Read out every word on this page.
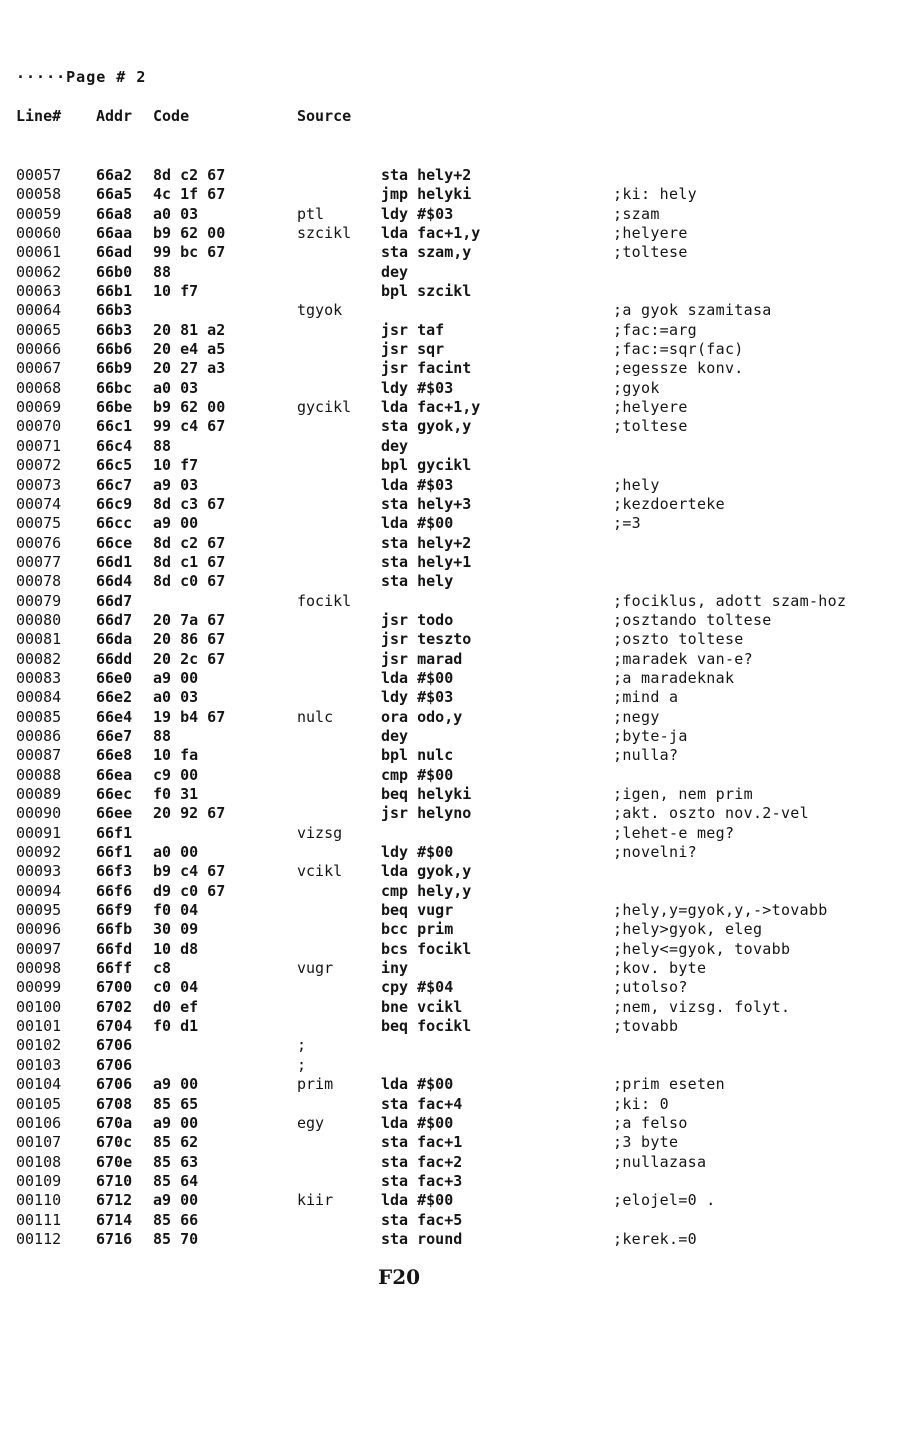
·····Page # 2
Line# Addr Code	Source
00057 66a2 8d c2 67	sta hely+2
00058 66a5 4c 1f 67	jmp helyki	;ki: hely
00059 66a8 a0 03	ptl	ldy #$03	;szam
00060 66aa b9 62 00	szcikl lda fac+1,y	;helyere
00061 66ad 99 bc 67	sta szam,y	;toltese
00062 66b0 88	dey
00063 66b1 10 f7	bpl szcikl
00064 66b3	tgyok	;a gyok szamitasa
00065 66b3 20 81 a2	jsr taf	;fac:=arg
00066 66b6 20 e4 a5	jsr sqr	;fac:=sqr(fac)
00067 66b9 20 27 a3	jsr facint	;egessze konv.
00068 66bc a0 03	ldy #$03	;gyok
00069 66be b9 62 00	gycikl lda fac+1,y	;helyere
00070 66c1 99 c4 67	sta gyok,y	;toltese
00071 66c4 88	dey
00072 66c5 10 f7	bpl gycikl
00073 66c7 a9 03	lda #$03	;hely
00074 66c9 8d c3 67	sta hely+3	;kezdoerteke
00075 66cc a9 00	lda #$00	;=3
00076 66ce 8d c2 67	sta hely+2
00077 66d1 8d c1 67	sta hely+1
00078 66d4 8d c0 67	sta hely
00079 66d7	focikl	;fociklus, adott szam-hoz
00080 66d7 20 7a 67	jsr todo	;osztando toltese
00081 66da 20 86 67	jsr teszto	;oszto toltese
00082 66dd 20 2c 67	jsr marad	;maradek van-e?
00083 66e0 a9 00	lda #$00	;a maradeknak
00084 66e2 a0 03	ldy #$03	;mind a
00085 66e4 19 b4 67	nulc	ora odo,y	;negy
00086 66e7 88	dey	;byte-ja
00087 66e8 10 fa	bpl nulc	;nulla?
00088 66ea c9 00	cmp #$00
00089 66ec f0 31	beq helyki	;igen, nem prim
00090 66ee 20 92 67	jsr helyno	;akt. oszto nov.2-vel
00091 66f1	vizsg	;lehet-e meg?
00092 66f1 a0 00	ldy #$00	;novelni?
00093 66f3 b9 c4 67	vcikl	lda gyok,y
00094 66f6 d9 c0 67	cmp hely,y
00095 66f9 f0 04	beq vugr	;hely,y=gyok,y,->tovabb
00096 66fb 30 09	bcc prim	;hely>gyok, eleg
00097 66fd 10 d8	bcs focikl	;hely<=gyok, tovabb
00098 66ff c8	vugr	iny	;kov. byte
00099 6700 c0 04	cpy #$04	;utolso?
00100 6702 d0 ef	bne vcikl	;nem, vizsg. folyt.
00101 6704 f0 d1	beq focikl	;tovabb
00102 6706	;
00103 6706	;
00104 6706 a9 00	prim	lda #$00	;prim eseten
00105 6708 85 65	sta fac+4	;ki: 0
00106 670a a9 00	egy	lda #$00	;a felso
00107 670c 85 62	sta fac+1	;3 byte
00108 670e 85 63	sta fac+2	;nullazasa
00109 6710 85 64	sta fac+3
00110 6712 a9 00	kiir	lda #$00	;elojel=0 .
00111 6714 85 66	sta fac+5
00112 6716 85 70	sta round	;kerek.=0
F20
